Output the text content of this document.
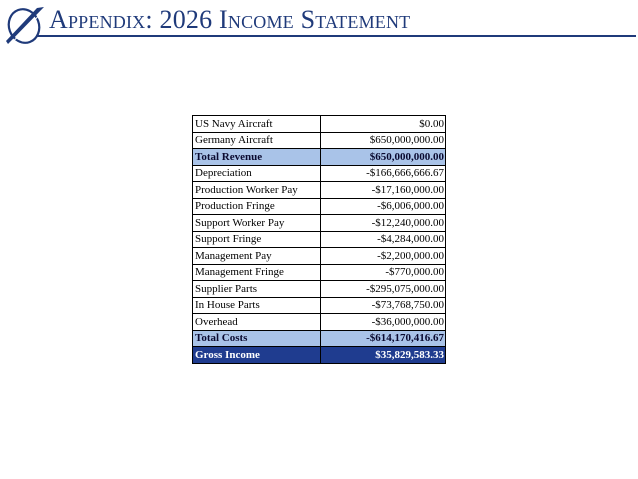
Appendix: 2026 Income Statement
US Navy Aircraft	$0.00
Germany Aircraft	$650,000,000.00
Total Revenue	$650,000,000.00
Depreciation	-$166,666,666.67
Production Worker Pay	-$17,160,000.00
Production Fringe	-$6,006,000.00
Support Worker Pay	-$12,240,000.00
Support Fringe	-$4,284,000.00
Management Pay	-$2,200,000.00
Management Fringe	-$770,000.00
Supplier Parts	-$295,075,000.00
In House Parts	-$73,768,750.00
Overhead	-$36,000,000.00
Total Costs	-$614,170,416.67
Gross Income	$35,829,583.33
